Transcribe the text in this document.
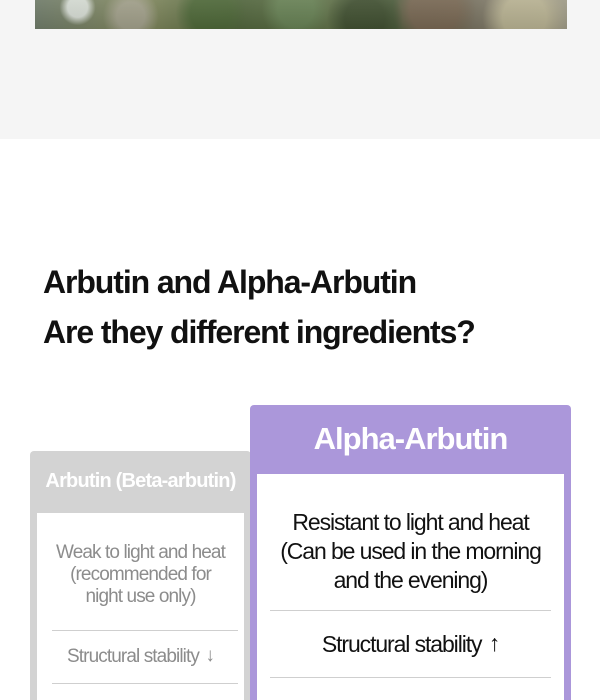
Arbutin and Alpha-Arbutin
Are they different ingredients?
Arbutin (Beta-arbutin)
Weak to light and heat
(recommended for
night use only)
Structural stability ↓
Alpha-Arbutin
Resistant to light and heat
(Can be used in the morning
and the evening)
Structural stability ↑
